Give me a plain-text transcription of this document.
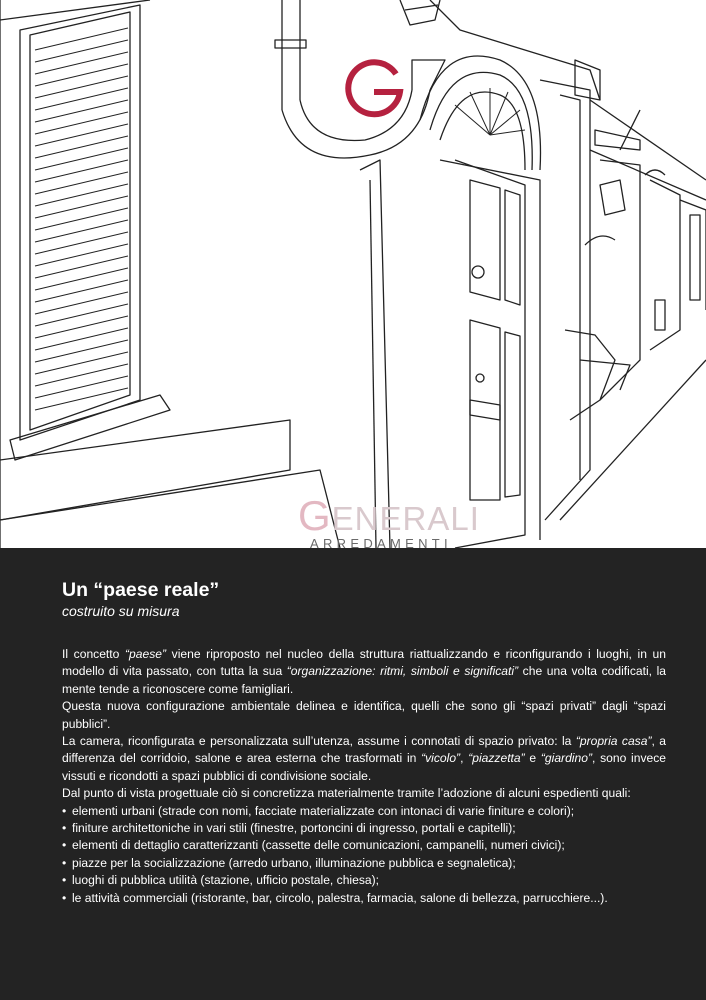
GENERALI
ARREDAMENTI
Un “paese reale”
costruito su misura

Il concetto “paese” viene riproposto nel nucleo della struttura riattualizzando e riconfigurando i luoghi, in un modello di vita passato, con tutta la sua “organizzazione: ritmi, simboli e significati” che una volta codificati, la mente tende a riconoscere come famigliari.

Questa nuova configurazione ambientale delinea e identifica, quelli che sono gli “spazi privati” dagli “spazi pubblici”.

La camera, riconfigurata e personalizzata sull’utenza, assume i connotati di spazio privato: la “propria casa”, a differenza del corridoio, salone e area esterna che trasformati in “vicolo”, “piazzetta” e “giardino”, sono invece vissuti e ricondotti a spazi pubblici di condivisione sociale.

Dal punto di vista progettuale ciò si concretizza materialmente tramite l’adozione di alcuni espedienti quali:

• elementi urbani (strade con nomi, facciate materializzate con intonaci di varie finiture e colori);
• finiture architettoniche in vari stili (finestre, portoncini di ingresso, portali e capitelli);
• elementi di dettaglio caratterizzanti (cassette delle comunicazioni, campanelli, numeri civici);
• piazze per la socializzazione (arredo urbano, illuminazione pubblica e segnaletica);
• luoghi di pubblica utilità (stazione, ufficio postale, chiesa);
• le attività commerciali (ristorante, bar, circolo, palestra, farmacia, salone di bellezza, parrucchiere...).
